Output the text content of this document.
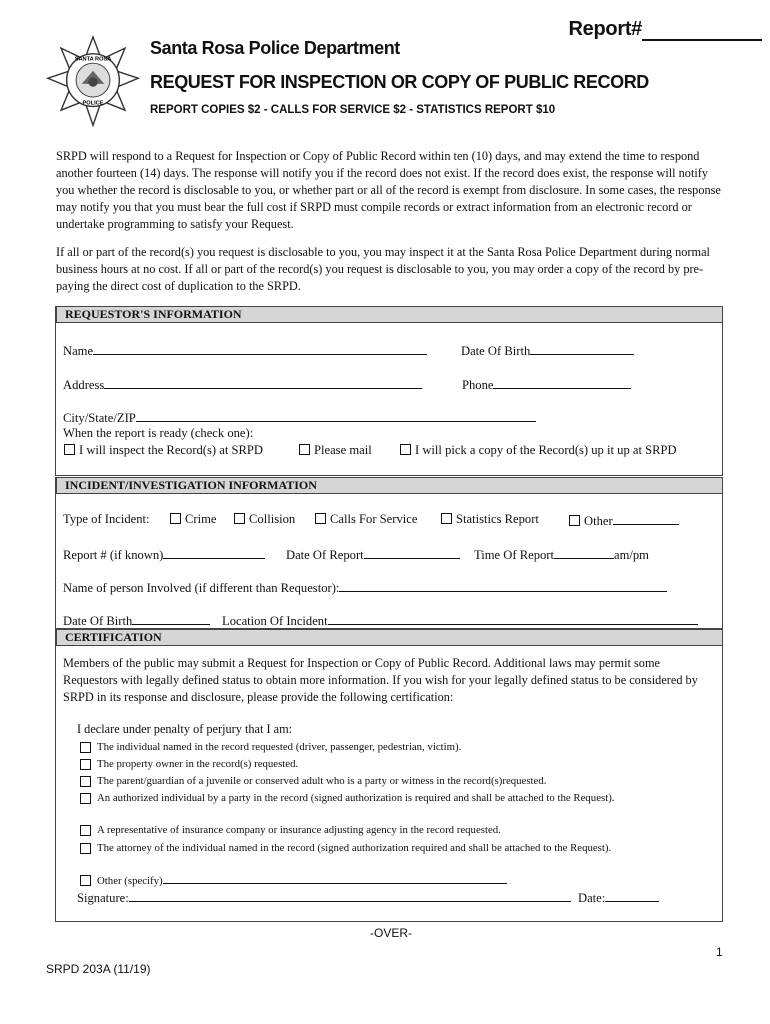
Report#
SANTA ROSA
POLICE
Santa Rosa Police Department
REQUEST FOR INSPECTION OR COPY OF PUBLIC RECORD
REPORT COPIES $2 - CALLS FOR SERVICE $2 - STATISTICS REPORT $10
SRPD will respond to a Request for Inspection or Copy of Public Record within ten (10) days, and may extend the time to respond another fourteen (14) days. The response will notify you if the record does not exist. If the record does exist, the response will notify you whether the record is disclosable to you, or whether part or all of the record is exempt from disclosure. In some cases, the response may notify you that you must bear the full cost if SRPD must compile records or extract information from an electronic record or undertake programming to satisfy your Request.
If all or part of the record(s) you request is disclosable to you, you may inspect it at the Santa Rosa Police Department during normal business hours at no cost. If all or part of the record(s) you request is disclosable to you, you may order a copy of the record by pre-paying the direct cost of duplication to the SRPD.
REQUESTOR'S INFORMATION
Name	Date Of Birth
Address	Phone
City/State/ZIP
When the report is ready (check one):
I will inspect the Record(s) at SRPD	Please mail	I will pick a copy of the Record(s) up it up at SRPD
INCIDENT/INVESTIGATION INFORMATION
Type of Incident:	Crime	Collision	Calls For Service	Statistics Report	Other
Report # (if known)	Date Of Report	Time Of Report	am/pm
Name of person Involved (if different than Requestor):
Date Of Birth	Location Of Incident
CERTIFICATION
Members of the public may submit a Request for Inspection or Copy of Public Record. Additional laws may permit some Requestors with legally defined status to obtain more information. If you wish for your legally defined status to be considered by SRPD in its response and disclosure, please provide the following certification:
I declare under penalty of perjury that I am:
The individual named in the record requested (driver, passenger, pedestrian, victim).
The property owner in the record(s) requested.
The parent/guardian of a juvenile or conserved adult who is a party or witness in the record(s)requested.
An authorized individual by a party in the record (signed authorization is required and shall be attached to the Request).
A representative of insurance company or insurance adjusting agency in the record requested.
The attorney of the individual named in the record (signed authorization required and shall be attached to the Request).
Other (specify)
Signature:	Date:
-OVER-
1
SRPD 203A (11/19)
